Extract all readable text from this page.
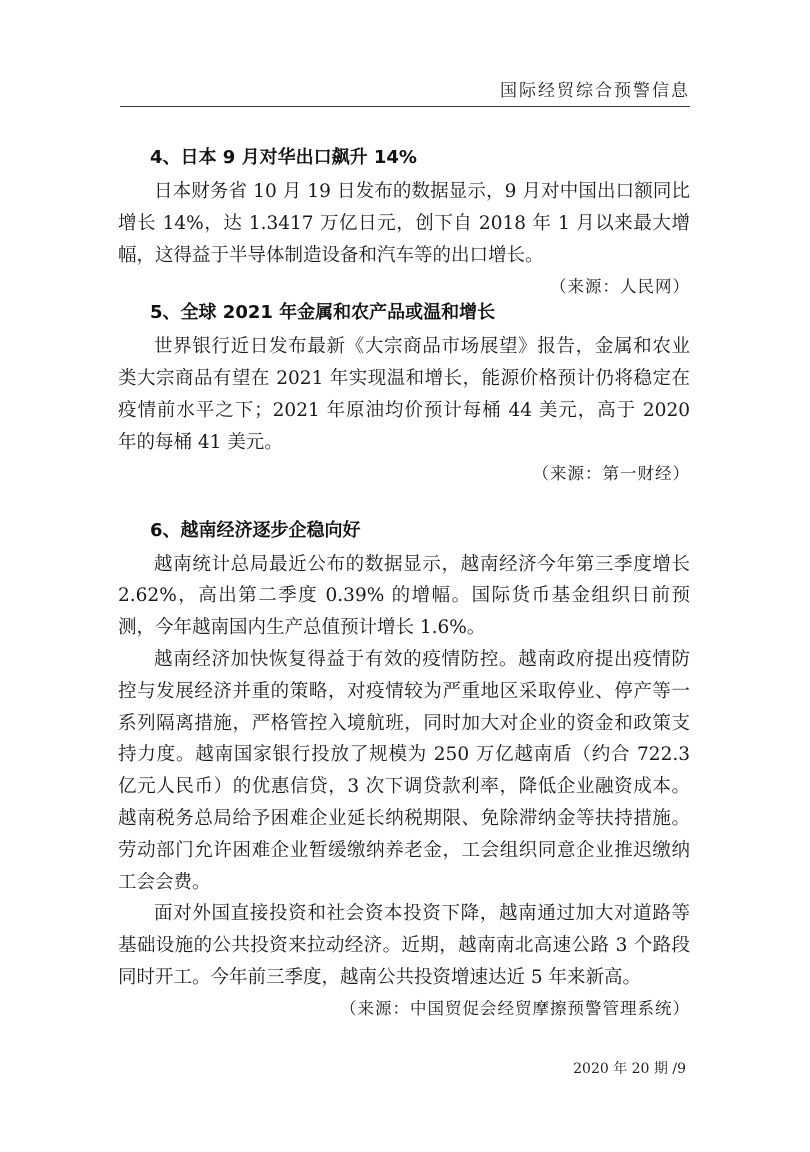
国际经贸综合预警信息
4、日本 9 月对华出口飙升 14%

日本财务省 10 月 19 日发布的数据显示，9 月对中国出口额同比增长 14%，达 1.3417 万亿日元，创下自 2018 年 1 月以来最大增幅，这得益于半导体制造设备和汽车等的出口增长。
（来源：人民网）

5、全球 2021 年金属和农产品或温和增长

世界银行近日发布最新《大宗商品市场展望》报告，金属和农业类大宗商品有望在 2021 年实现温和增长，能源价格预计仍将稳定在疫情前水平之下；2021 年原油均价预计每桶 44 美元，高于 2020 年的每桶 41 美元。

（来源：第一财经）

6、越南经济逐步企稳向好

越南统计总局最近公布的数据显示，越南经济今年第三季度增长 2.62%，高出第二季度 0.39% 的增幅。国际货币基金组织日前预测，今年越南国内生产总值预计增长 1.6%。

越南经济加快恢复得益于有效的疫情防控。越南政府提出疫情防控与发展经济并重的策略，对疫情较为严重地区采取停业、停产等一系列隔离措施，严格管控入境航班，同时加大对企业的资金和政策支持力度。越南国家银行投放了规模为 250 万亿越南盾（约合 722.3 亿元人民币）的优惠信贷，3 次下调贷款利率，降低企业融资成本。越南税务总局给予困难企业延长纳税期限、免除滞纳金等扶持措施。劳动部门允许困难企业暂缓缴纳养老金，工会组织同意企业推迟缴纳工会会费。

面对外国直接投资和社会资本投资下降，越南通过加大对道路等基础设施的公共投资来拉动经济。近期，越南南北高速公路 3 个路段同时开工。今年前三季度，越南公共投资增速达近 5 年来新高。

（来源：中国贸促会经贸摩擦预警管理系统）

2020 年 20 期 /9
